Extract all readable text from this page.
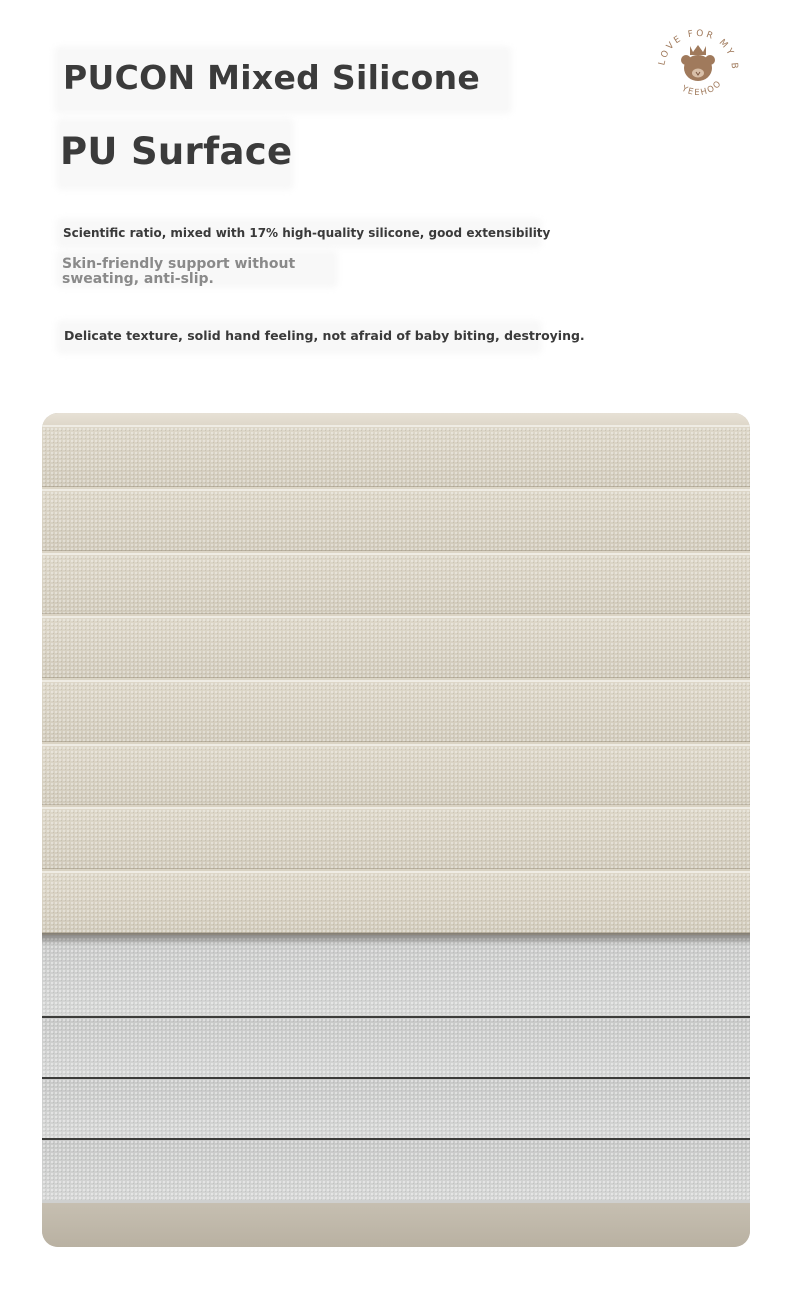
LOVE FOR MY B
YEEHOO
PUCON Mixed Silicone
PU Surface

Scientific ratio, mixed with 17% high-quality silicone, good extensibility

Skin-friendly support without
sweating, anti-slip.

Delicate texture, solid hand feeling, not afraid of baby biting, destroying.
